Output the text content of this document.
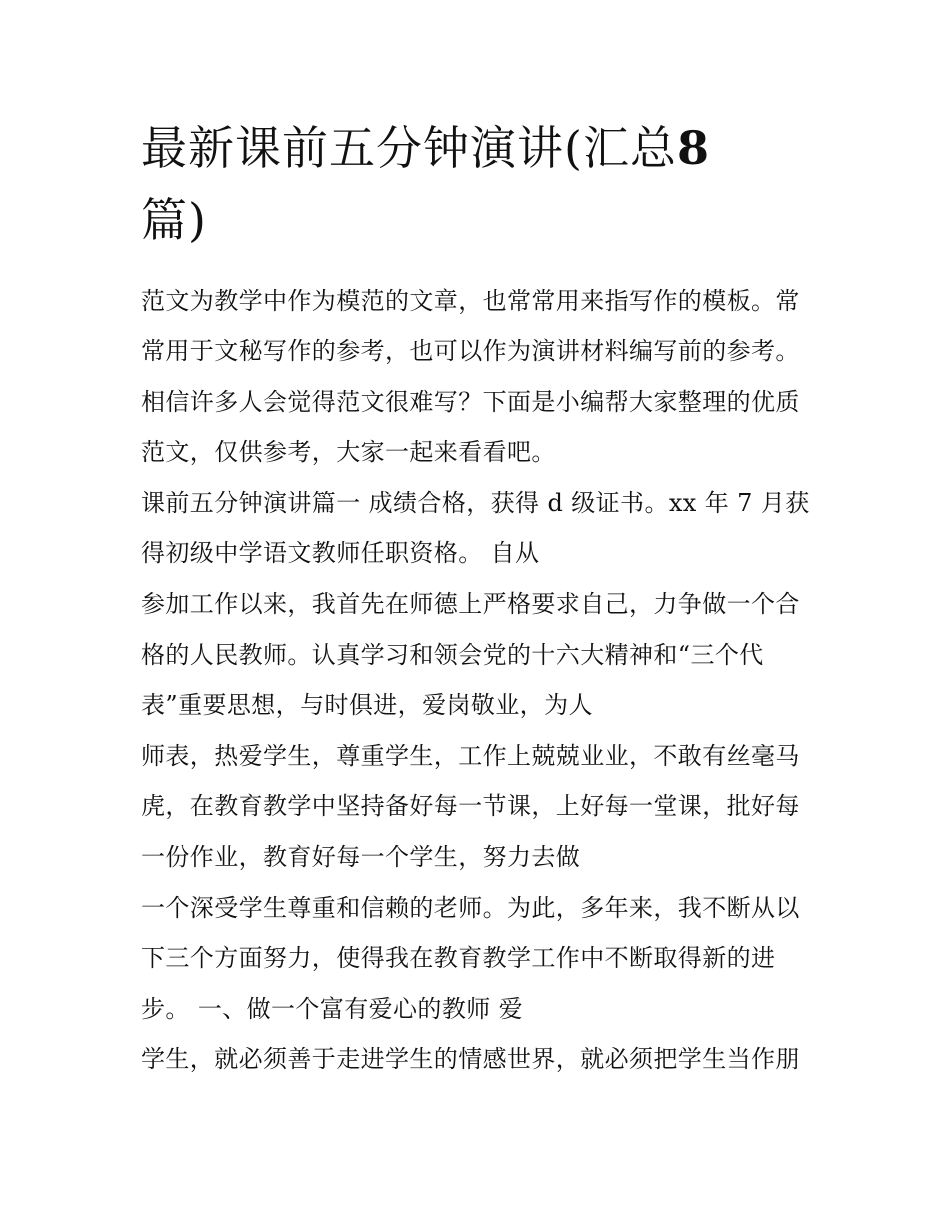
最新课前五分钟演讲(汇总8
篇)

范文为教学中作为模范的文章，也常常用来指写作的模板。常

常用于文秘写作的参考，也可以作为演讲材料编写前的参考。

相信许多人会觉得范文很难写？下面是小编帮大家整理的优质

范文，仅供参考，大家一起来看看吧。

课前五分钟演讲篇一 成绩合格，获得 d 级证书。xx 年 7 月获

得初级中学语文教师任职资格。 自从

参加工作以来，我首先在师德上严格要求自己，力争做一个合

格的人民教师。认真学习和领会党的十六大精神和“三个代

表”重要思想，与时俱进，爱岗敬业，为人

师表，热爱学生，尊重学生，工作上兢兢业业，不敢有丝毫马

虎，在教育教学中坚持备好每一节课，上好每一堂课，批好每

一份作业，教育好每一个学生，努力去做

一个深受学生尊重和信赖的老师。为此，多年来，我不断从以

下三个方面努力，使得我在教育教学工作中不断取得新的进

步。 一、做一个富有爱心的教师 爱

学生，就必须善于走进学生的情感世界，就必须把学生当作朋
